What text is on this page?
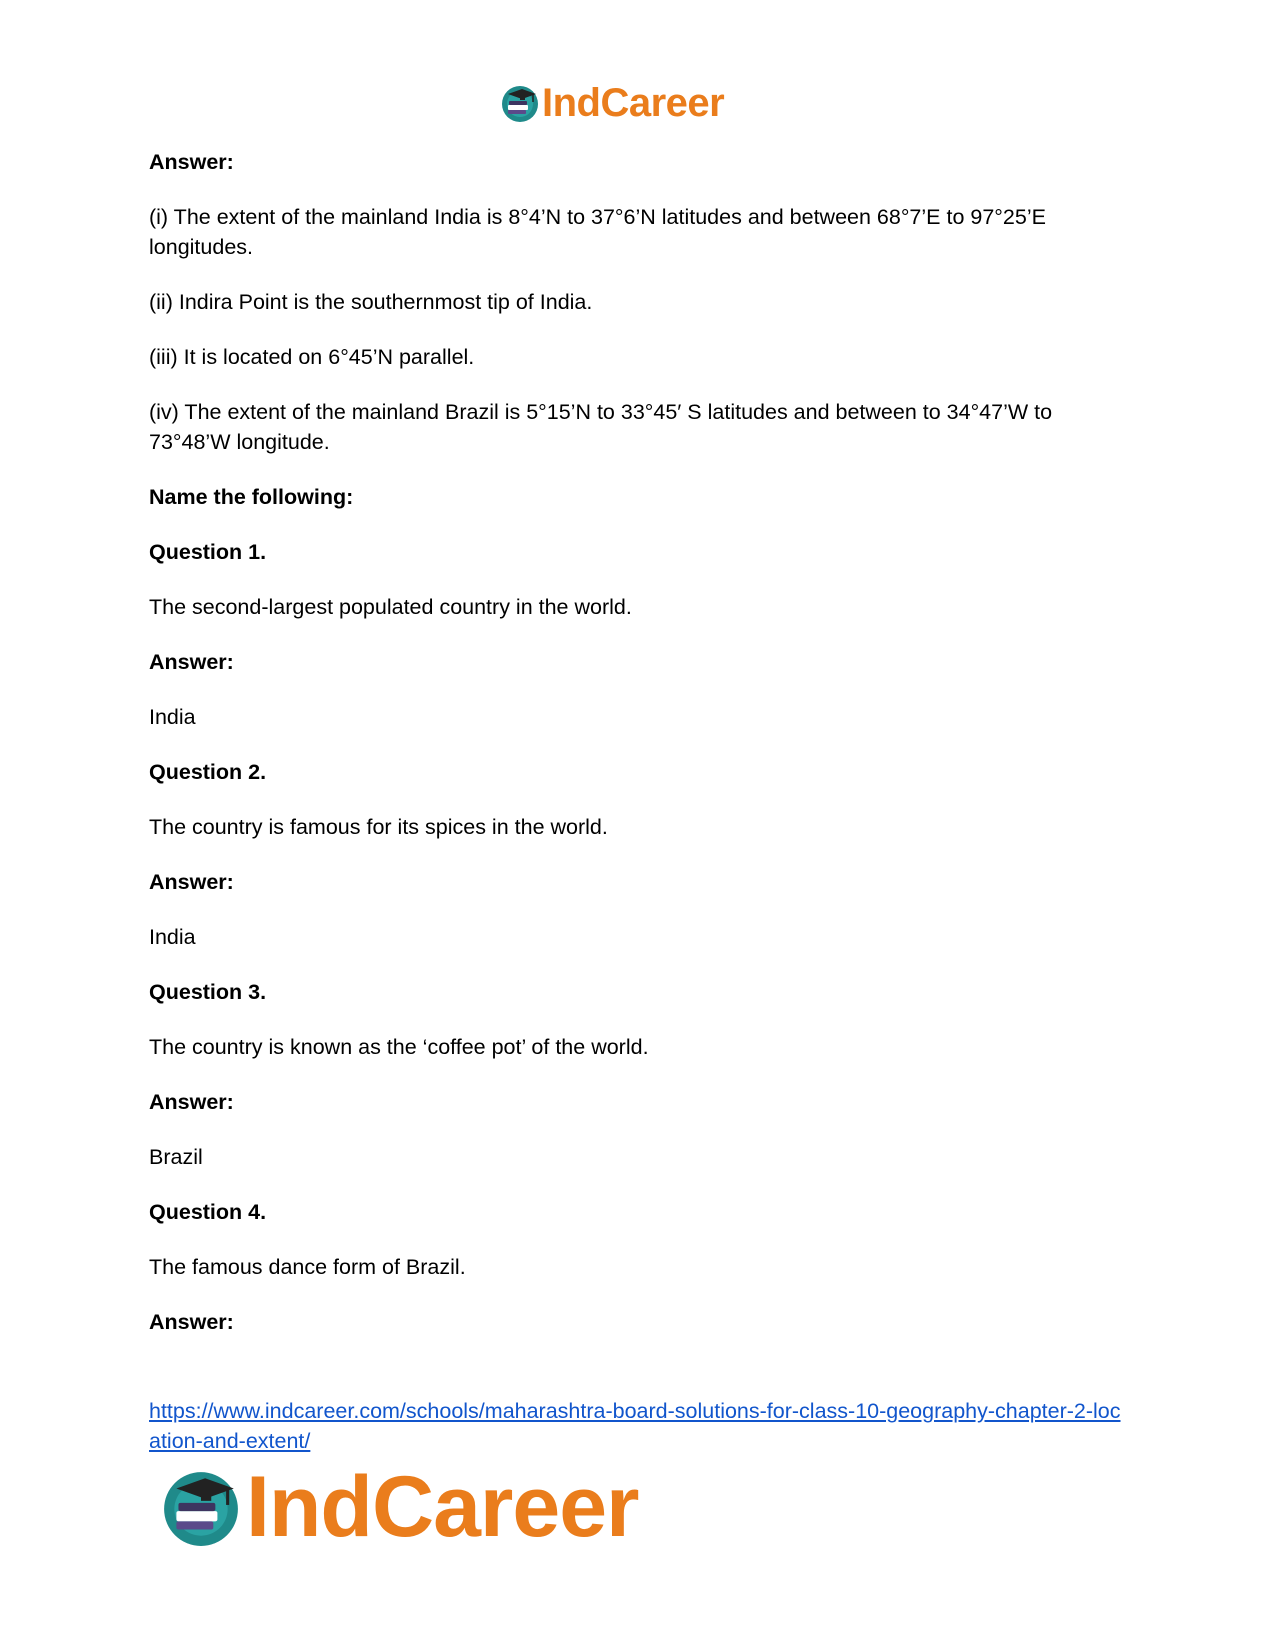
IndCareer

Answer:

(i) The extent of the mainland India is 8°4’N to 37°6’N latitudes and between 68°7’E to 97°25’E longitudes.

(ii) Indira Point is the southernmost tip of India.

(iii) It is located on 6°45’N parallel.

(iv) The extent of the mainland Brazil is 5°15’N to 33°45′ S latitudes and between to 34°47’W to 73°48’W longitude.

Name the following:

Question 1.

The second-largest populated country in the world.

Answer:

India

Question 2.

The country is famous for its spices in the world.

Answer:

India

Question 3.

The country is known as the ‘coffee pot’ of the world.

Answer:

Brazil

Question 4.

The famous dance form of Brazil.

Answer:

https://www.indcareer.com/schools/maharashtra-board-solutions-for-class-10-geography-chapter-2-location-and-extent/
IndCareer
